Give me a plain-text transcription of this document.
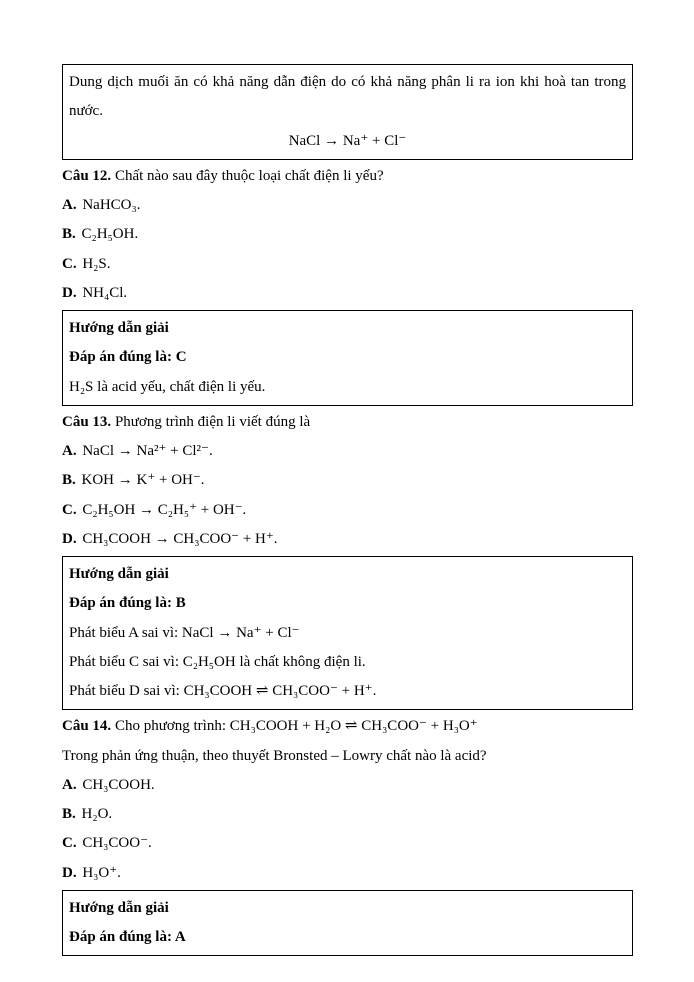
Dung dịch muối ăn có khả năng dẫn điện do có khả năng phân li ra ion khi hoà tan trong nước.

NaCl → Na⁺ + Cl⁻

Câu 12. Chất nào sau đây thuộc loại chất điện li yếu?

A. NaHCO₃.

B. C₂H₅OH.

C. H₂S.

D. NH₄Cl.

Hướng dẫn giải

Đáp án đúng là: C

H₂S là acid yếu, chất điện li yếu.

Câu 13. Phương trình điện li viết đúng là

A. NaCl → Na²⁺ + Cl²⁻.

B. KOH → K⁺ + OH⁻.

C. C₂H₅OH → C₂H₅⁺ + OH⁻.

D. CH₃COOH → CH₃COO⁻ + H⁺.

Hướng dẫn giải

Đáp án đúng là: B

Phát biểu A sai vì: NaCl → Na⁺ + Cl⁻

Phát biểu C sai vì: C₂H₅OH là chất không điện li.

Phát biểu D sai vì: CH₃COOH ⇌ CH₃COO⁻ + H⁺.

Câu 14. Cho phương trình: CH₃COOH + H₂O ⇌ CH₃COO⁻ + H₃O⁺

Trong phản ứng thuận, theo thuyết Bronsted – Lowry chất nào là acid?

A. CH₃COOH.

B. H₂O.

C. CH₃COO⁻.

D. H₃O⁺.

Hướng dẫn giải

Đáp án đúng là: A
